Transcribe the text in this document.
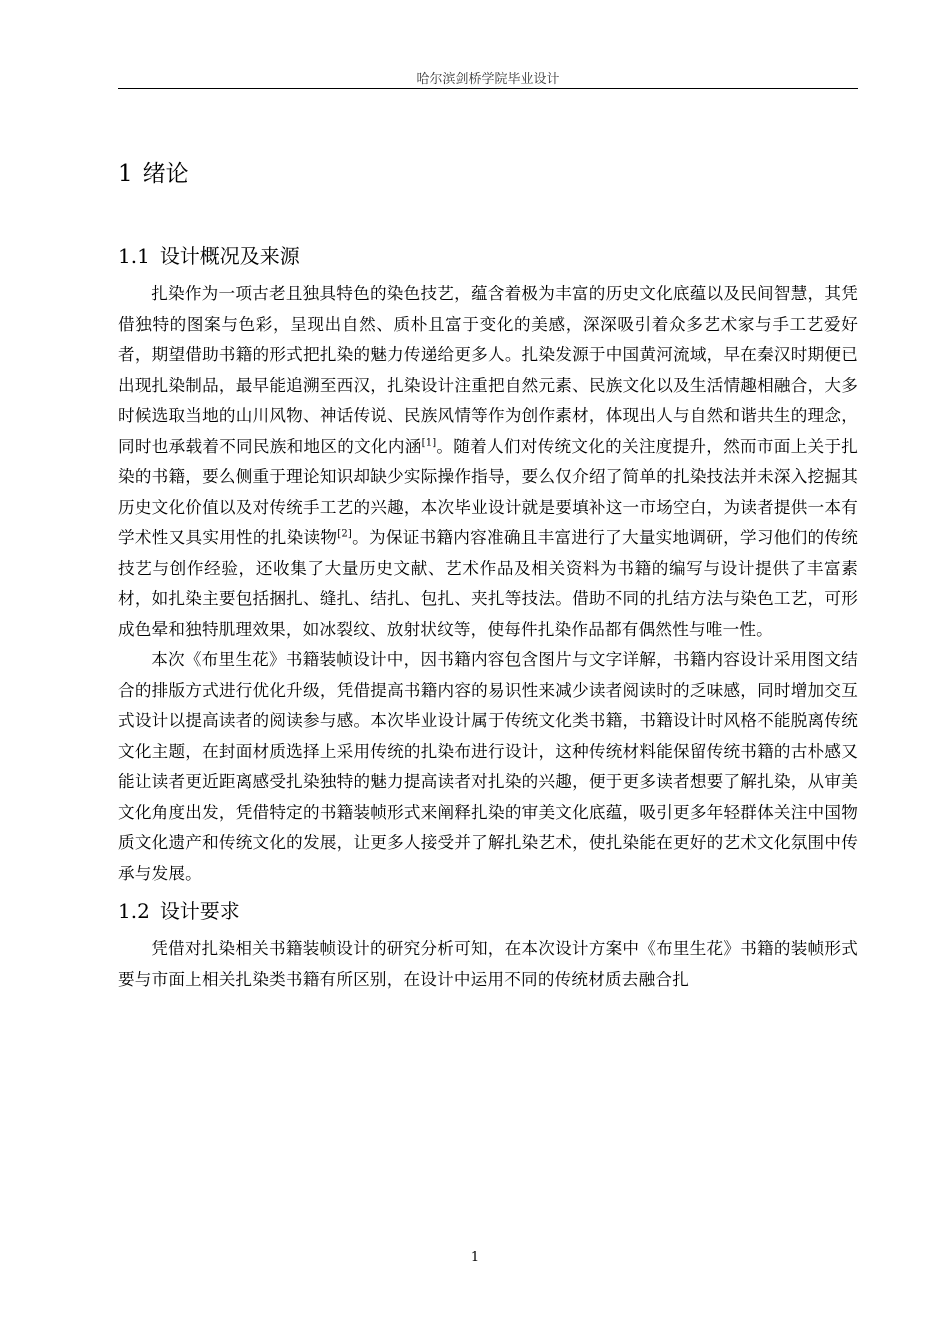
哈尔滨剑桥学院毕业设计
1 绪论
1.1 设计概况及来源

扎染作为一项古老且独具特色的染色技艺，蕴含着极为丰富的历史文化底蕴以及民间智慧，其凭借独特的图案与色彩，呈现出自然、质朴且富于变化的美感，深深吸引着众多艺术家与手工艺爱好者，期望借助书籍的形式把扎染的魅力传递给更多人。扎染发源于中国黄河流域，早在秦汉时期便已出现扎染制品，最早能追溯至西汉，扎染设计注重把自然元素、民族文化以及生活情趣相融合，大多时候选取当地的山川风物、神话传说、民族风情等作为创作素材，体现出人与自然和谐共生的理念，同时也承载着不同民族和地区的文化内涵[1]。随着人们对传统文化的关注度提升，然而市面上关于扎染的书籍，要么侧重于理论知识却缺少实际操作指导，要么仅介绍了简单的扎染技法并未深入挖掘其历史文化价值以及对传统手工艺的兴趣，本次毕业设计就是要填补这一市场空白，为读者提供一本有学术性又具实用性的扎染读物[2]。为保证书籍内容准确且丰富进行了大量实地调研，学习他们的传统技艺与创作经验，还收集了大量历史文献、艺术作品及相关资料为书籍的编写与设计提供了丰富素材，如扎染主要包括捆扎、缝扎、结扎、包扎、夹扎等技法。借助不同的扎结方法与染色工艺，可形成色晕和独特肌理效果，如冰裂纹、放射状纹等，使每件扎染作品都有偶然性与唯一性。

本次《布里生花》书籍装帧设计中，因书籍内容包含图片与文字详解，书籍内容设计采用图文结合的排版方式进行优化升级，凭借提高书籍内容的易识性来减少读者阅读时的乏味感，同时增加交互式设计以提高读者的阅读参与感。本次毕业设计属于传统文化类书籍，书籍设计时风格不能脱离传统文化主题，在封面材质选择上采用传统的扎染布进行设计，这种传统材料能保留传统书籍的古朴感又能让读者更近距离感受扎染独特的魅力提高读者对扎染的兴趣，便于更多读者想要了解扎染，从审美文化角度出发，凭借特定的书籍装帧形式来阐释扎染的审美文化底蕴，吸引更多年轻群体关注中国物质文化遗产和传统文化的发展，让更多人接受并了解扎染艺术，使扎染能在更好的艺术文化氛围中传承与发展。

1.2 设计要求

凭借对扎染相关书籍装帧设计的研究分析可知，在本次设计方案中《布里生花》书籍的装帧形式要与市面上相关扎染类书籍有所区别，在设计中运用不同的传统材质去融合扎

1
